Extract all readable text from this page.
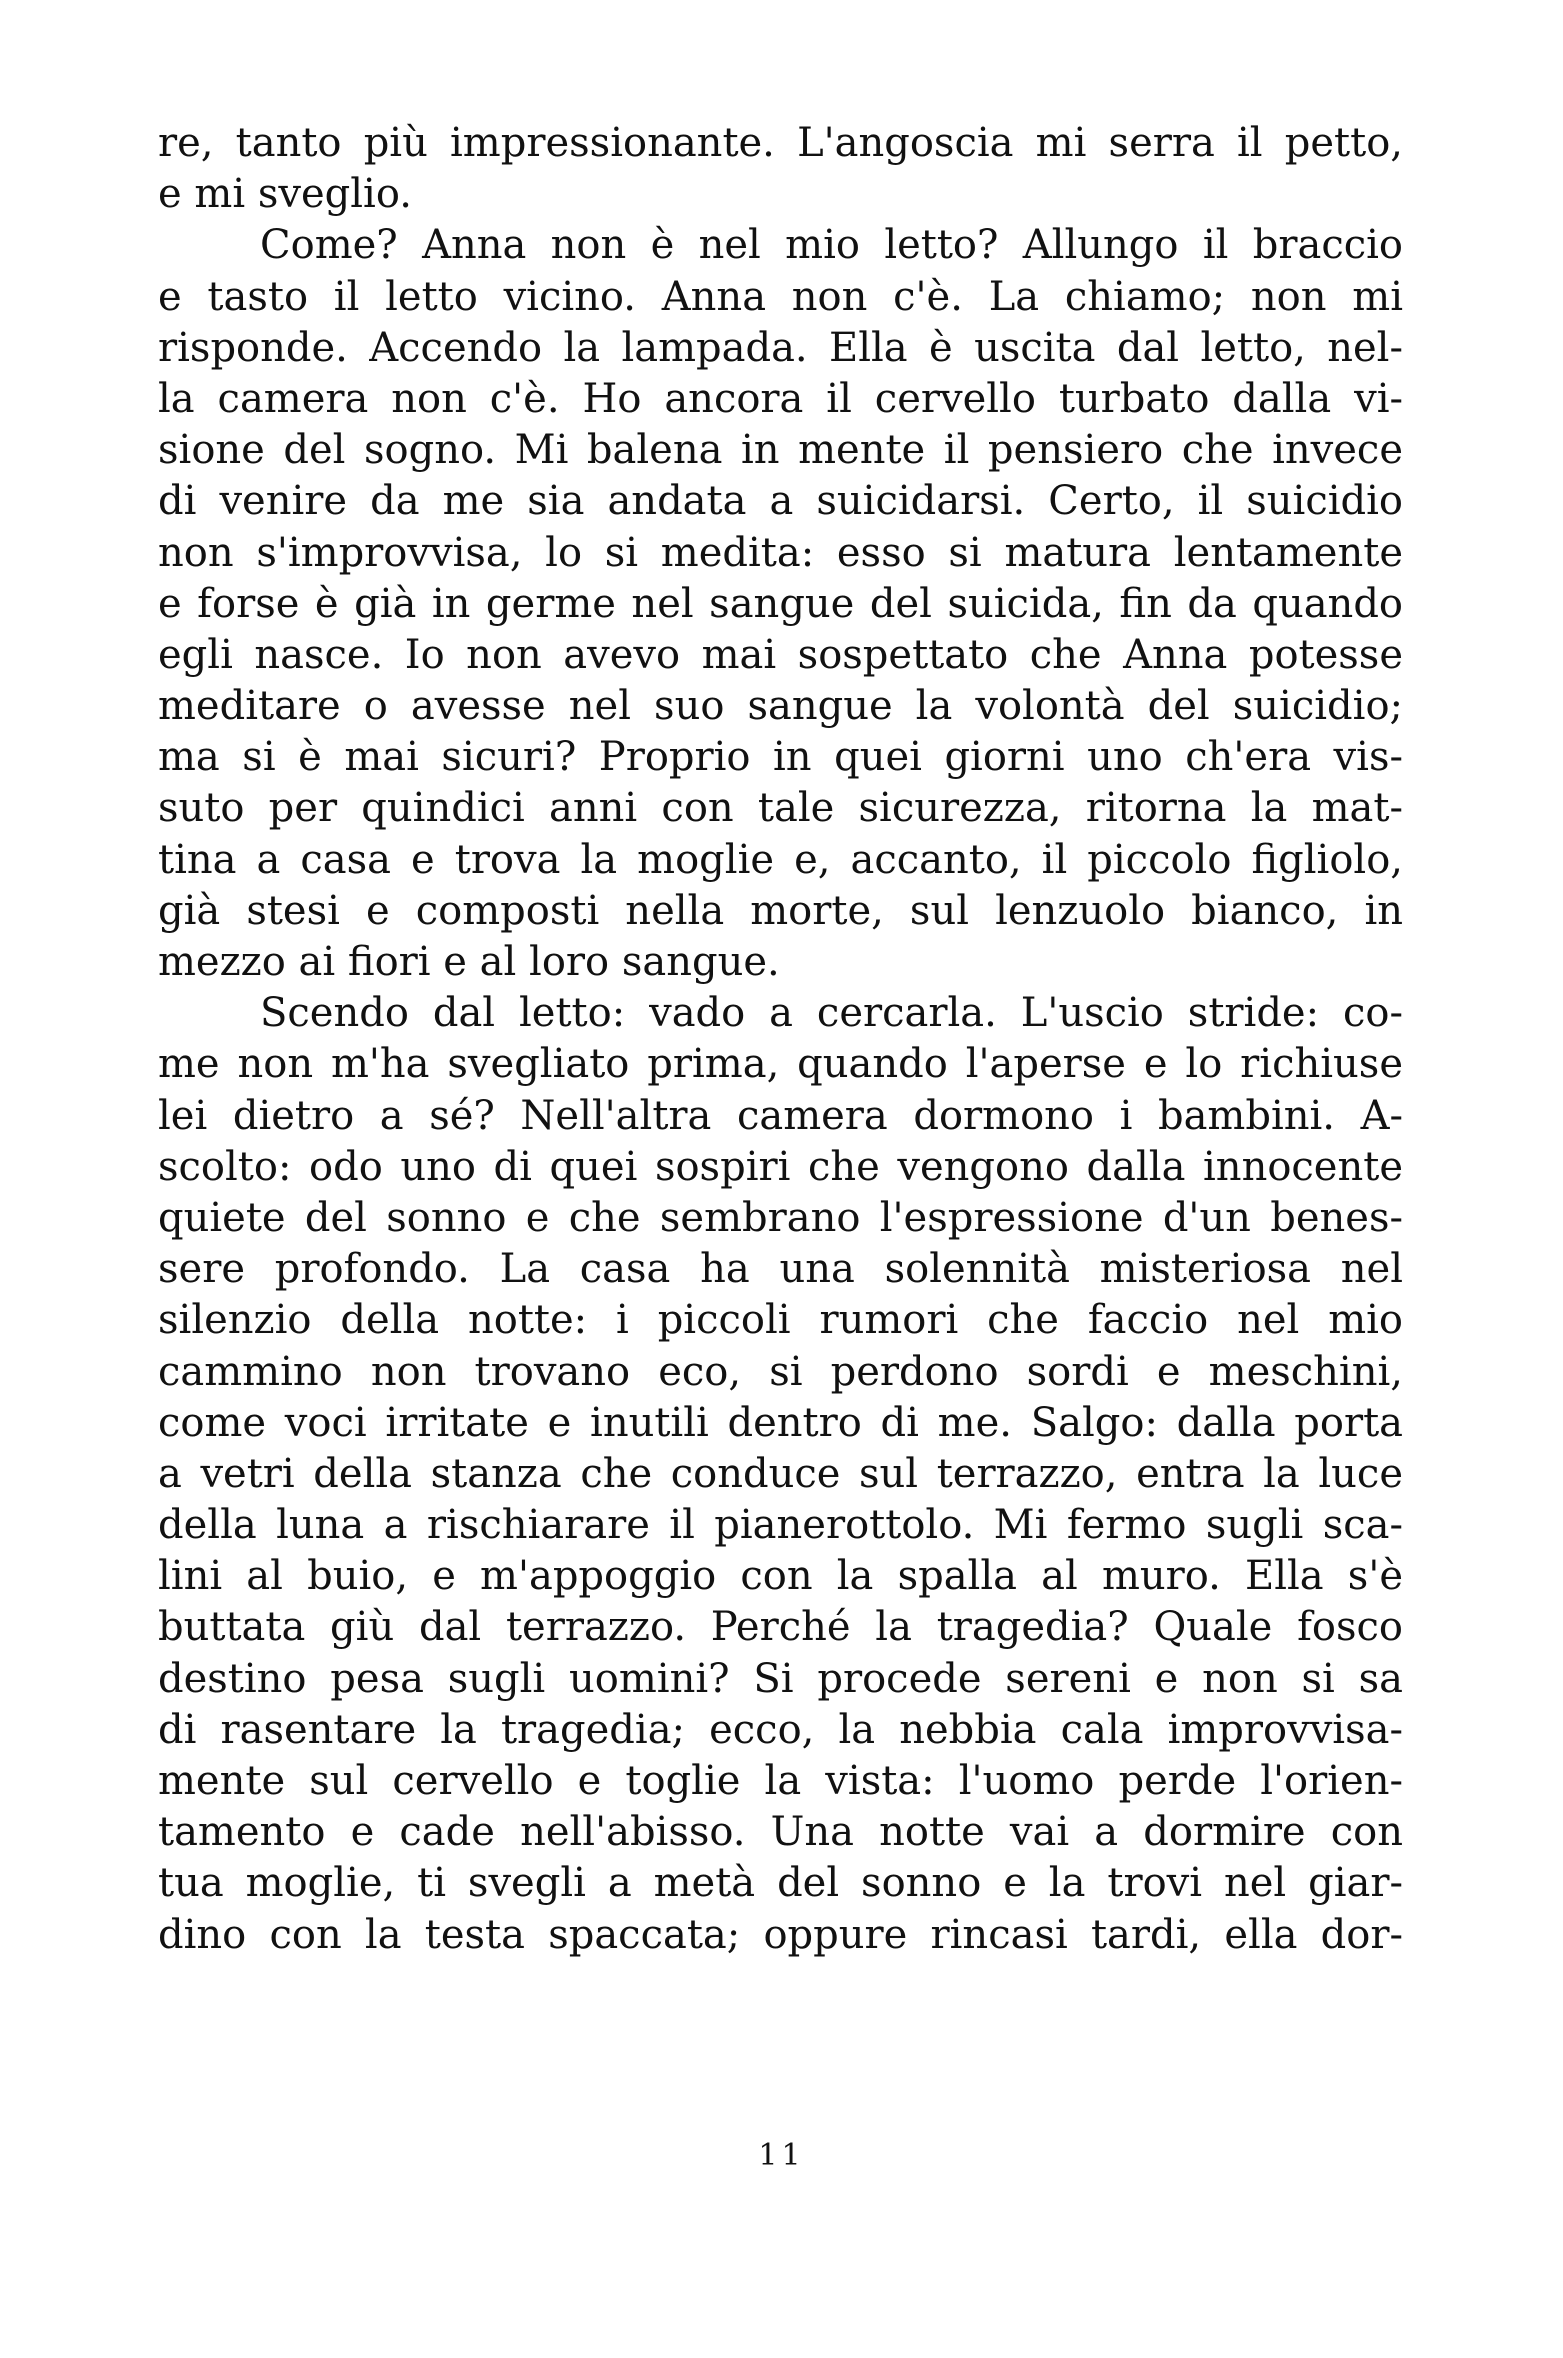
re, tanto più impressionante. L'angoscia mi serra il petto,
e mi sveglio.
Come? Anna non è nel mio letto? Allungo il braccio
e tasto il letto vicino. Anna non c'è. La chiamo; non mi
risponde. Accendo la lampada. Ella è uscita dal letto, nel-
la camera non c'è. Ho ancora il cervello turbato dalla vi-
sione del sogno. Mi balena in mente il pensiero che invece
di venire da me sia andata a suicidarsi. Certo, il suicidio
non s'improvvisa, lo si medita: esso si matura lentamente
e forse è già in germe nel sangue del suicida, fin da quando
egli nasce. Io non avevo mai sospettato che Anna potesse
meditare o avesse nel suo sangue la volontà del suicidio;
ma si è mai sicuri? Proprio in quei giorni uno ch'era vis-
suto per quindici anni con tale sicurezza, ritorna la mat-
tina a casa e trova la moglie e, accanto, il piccolo figliolo,
già stesi e composti nella morte, sul lenzuolo bianco, in
mezzo ai fiori e al loro sangue.
Scendo dal letto: vado a cercarla. L'uscio stride: co-
me non m'ha svegliato prima, quando l'aperse e lo richiuse
lei dietro a sé? Nell'altra camera dormono i bambini. A-
scolto: odo uno di quei sospiri che vengono dalla innocente
quiete del sonno e che sembrano l'espressione d'un benes-
sere profondo. La casa ha una solennità misteriosa nel
silenzio della notte: i piccoli rumori che faccio nel mio
cammino non trovano eco, si perdono sordi e meschini,
come voci irritate e inutili dentro di me. Salgo: dalla porta
a vetri della stanza che conduce sul terrazzo, entra la luce
della luna a rischiarare il pianerottolo. Mi fermo sugli sca-
lini al buio, e m'appoggio con la spalla al muro. Ella s'è
buttata giù dal terrazzo. Perché la tragedia? Quale fosco
destino pesa sugli uomini? Si procede sereni e non si sa
di rasentare la tragedia; ecco, la nebbia cala improvvisa-
mente sul cervello e toglie la vista: l'uomo perde l'orien-
tamento e cade nell'abisso. Una notte vai a dormire con
tua moglie, ti svegli a metà del sonno e la trovi nel giar-
dino con la testa spaccata; oppure rincasi tardi, ella dor-
11
